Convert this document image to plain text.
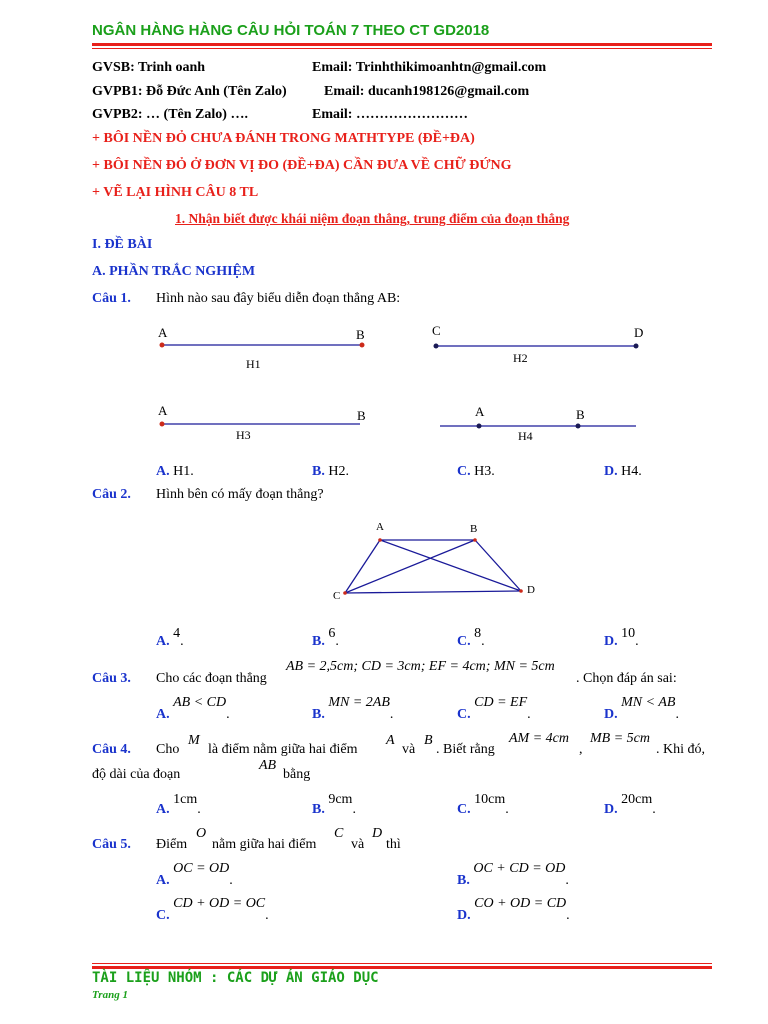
NGÂN HÀNG HÀNG CÂU HỎI TOÁN 7 THEO CT GD2018
GVSB: Trinh oanh	Email: Trinhthikimoanhtn@gmail.com
GVPB1: Đỗ Đức Anh (Tên Zalo)	Email: ducanh198126@gmail.com
GVPB2: … (Tên Zalo) ….	Email: ……………………
+ BÔI NỀN ĐỎ CHƯA ĐÁNH TRONG MATHTYPE (ĐỀ+ĐA)
+ BÔI NỀN ĐỎ Ở ĐƠN VỊ ĐO (ĐỀ+ĐA) CẦN ĐƯA VỀ CHỮ ĐỨNG
+ VẼ LẠI HÌNH CÂU 8 TL
1. Nhận biết được khái niệm đoạn thẳng, trung điểm của đoạn thẳng
I. ĐỀ BÀI
A. PHẦN TRẮC NGHIỆM
Câu 1. Hình nào sau đây biểu diễn đoạn thẳng AB:
A	B
H1
C	D
H2
A	B
H3
A	B
H4
A. H1.	B. H2.	C. H3.	D. H4.
Câu 2. Hình bên có mấy đoạn thẳng?
A	B
C	D
A. 4.	B. 6.	C. 8.	D. 10.
Câu 3. Cho các đoạn thẳng
AB = 2,5cm; CD = 3cm; EF = 4cm; MN = 5cm
. Chọn đáp án sai:
A. AB < CD.	B. MN = 2AB.	C. CD = EF.	D. MN < AB.
Câu 4. Cho
M
là điểm nằm giữa hai điểm
A
và
B
. Biết rằng
AM = 4cm
,
MB = 5cm
. Khi đó,
độ dài của đoạn
AB
bằng
A. 1cm.	B. 9cm.	C. 10cm.	D. 20cm.
Câu 5. Điểm
O
nằm giữa hai điểm
C
và
D
thì
A. OC = OD.	B. OC + CD = OD.
C. CD + OD = OC.	D. CO + OD = CD.
TÀI LIỆU NHÓM : CÁC DỰ ÁN GIÁO DỤC
Trang 1
